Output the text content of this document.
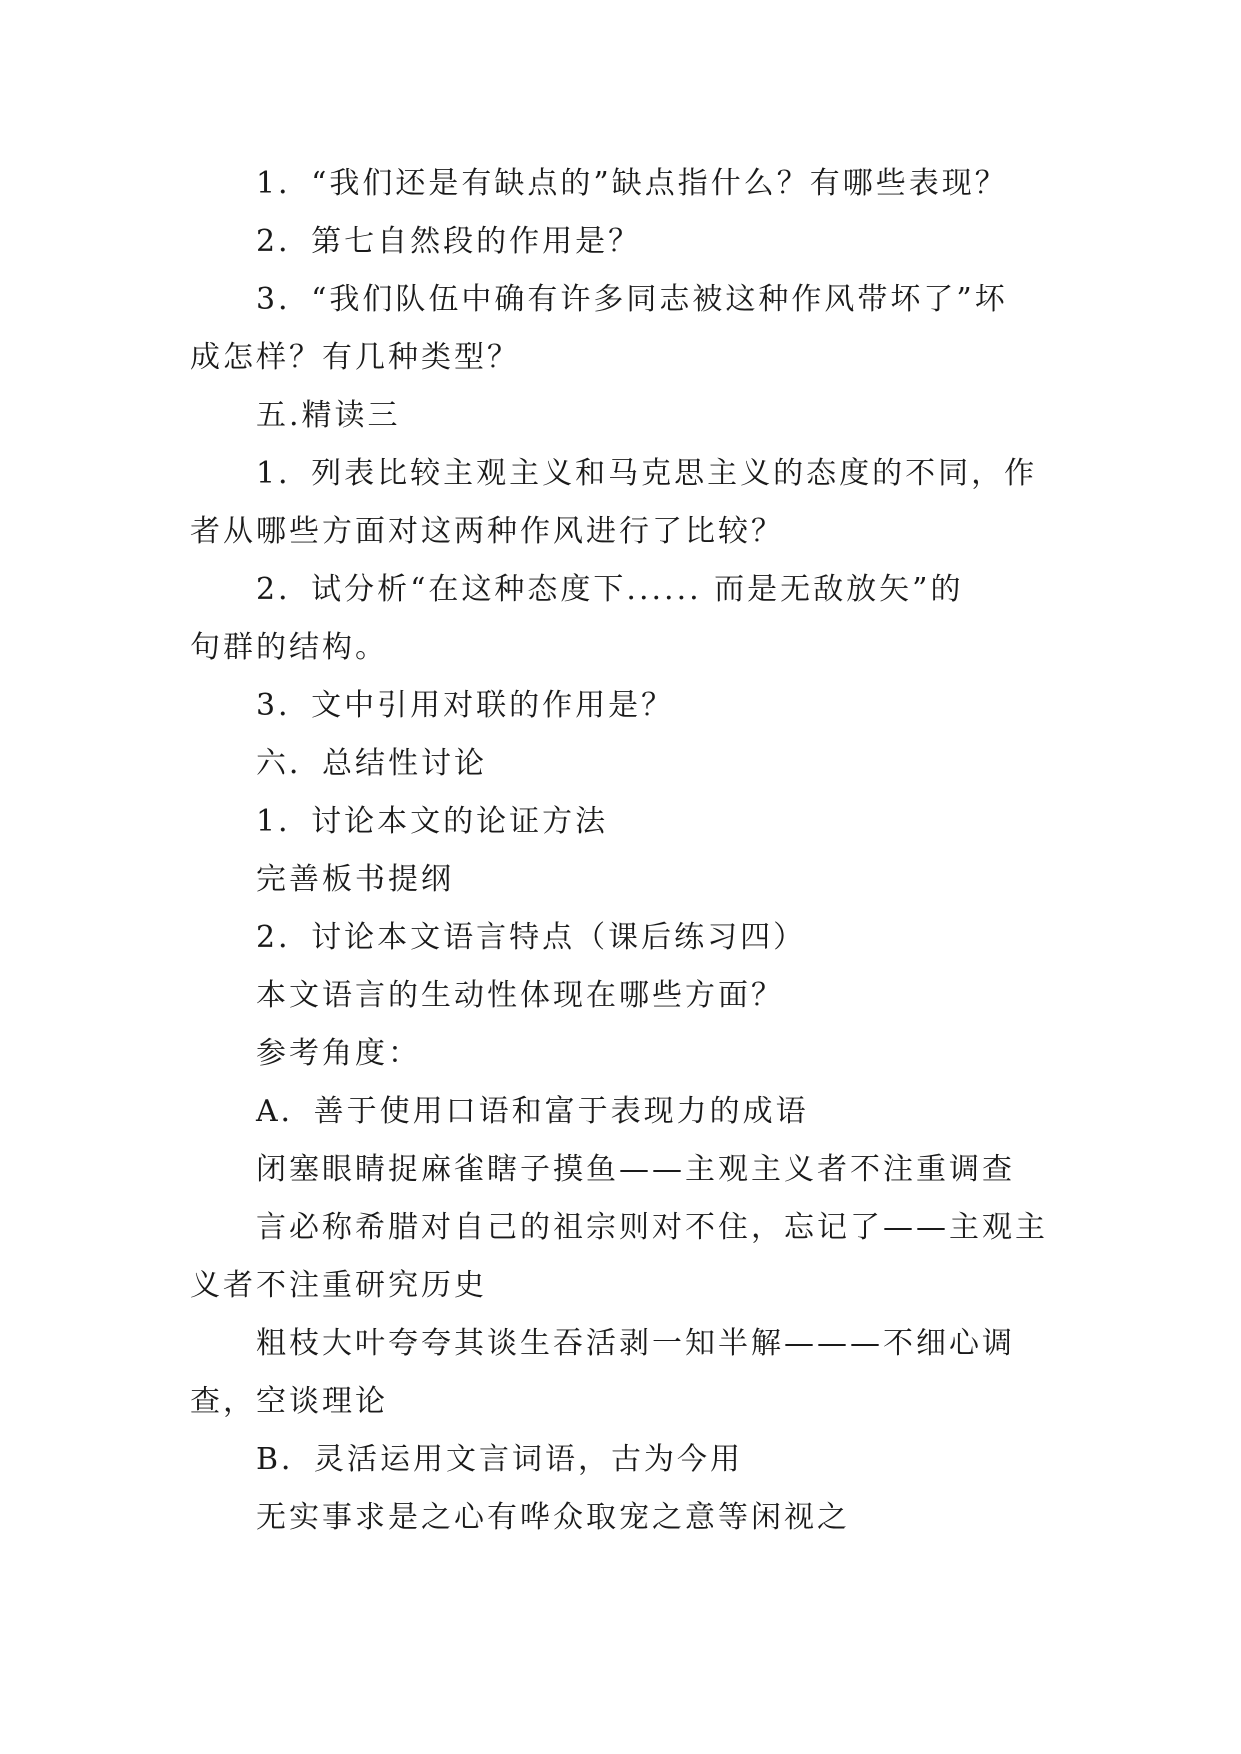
1．“我们还是有缺点的”缺点指什么？有哪些表现？

2．第七自然段的作用是？

3．“我们队伍中确有许多同志被这种作风带坏了”坏

成怎样？有几种类型？

五.精读三

1．列表比较主观主义和马克思主义的态度的不同，作

者从哪些方面对这两种作风进行了比较？

2．试分析“在这种态度下...... 而是无敌放矢”的

句群的结构。

3．文中引用对联的作用是？

六．总结性讨论

1．讨论本文的论证方法

完善板书提纲

2．讨论本文语言特点（课后练习四）

本文语言的生动性体现在哪些方面？

参考角度：

A．善于使用口语和富于表现力的成语

闭塞眼睛捉麻雀瞎子摸鱼——主观主义者不注重调查

言必称希腊对自己的祖宗则对不住，忘记了——主观主

义者不注重研究历史

粗枝大叶夸夸其谈生吞活剥一知半解———不细心调

查，空谈理论

B．灵活运用文言词语，古为今用

无实事求是之心有哗众取宠之意等闲视之
